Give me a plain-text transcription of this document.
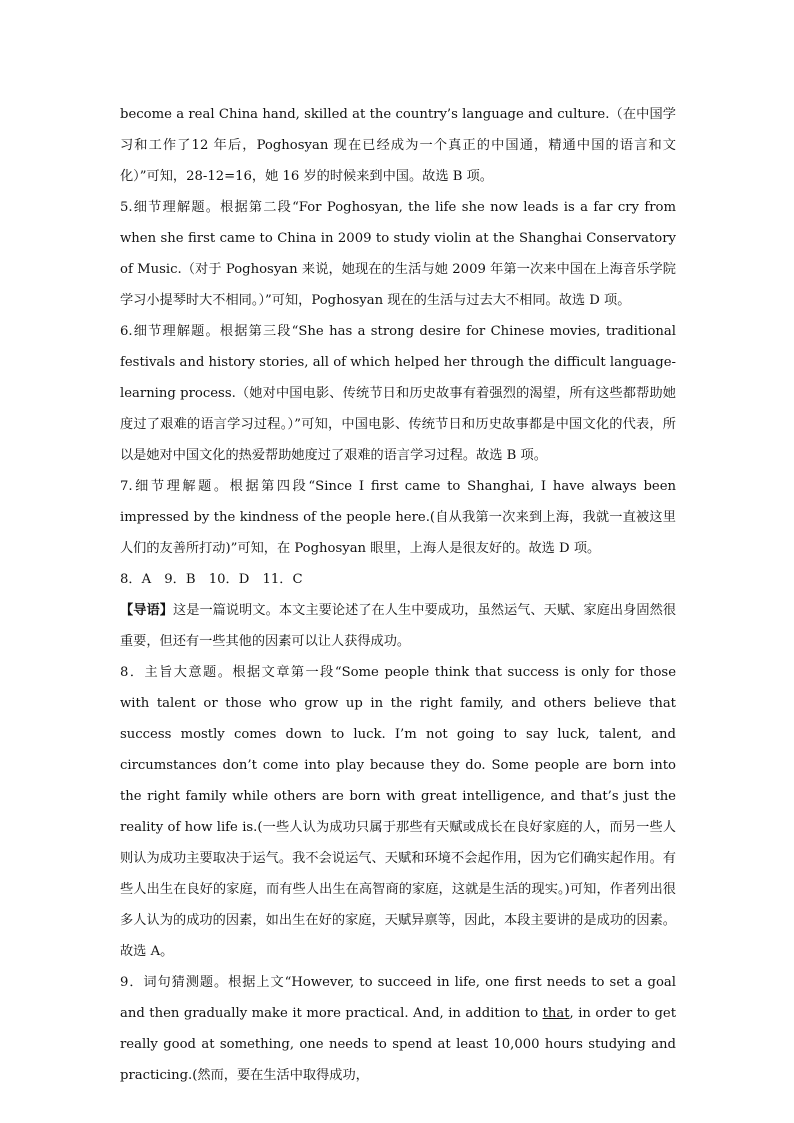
become a real China hand, skilled at the country’s language and culture.（在中国学习和工作了12 年后，Poghosyan 现在已经成为一个真正的中国通，精通中国的语言和文化）”可知，28-12=16，她 16 岁的时候来到中国。故选 B 项。

5.细节理解题。根据第二段“For Poghosyan, the life she now leads is a far cry from when she first came to China in 2009 to study violin at the Shanghai Conservatory of Music.（对于 Poghosyan 来说，她现在的生活与她 2009 年第一次来中国在上海音乐学院学习小提琴时大不相同。）”可知，Poghosyan 现在的生活与过去大不相同。故选 D 项。

6.细节理解题。根据第三段“She has a strong desire for Chinese movies, traditional festivals and history stories, all of which helped her through the difficult language-learning process.（她对中国电影、传统节日和历史故事有着强烈的渴望，所有这些都帮助她度过了艰难的语言学习过程。）”可知，中国电影、传统节日和历史故事都是中国文化的代表，所以是她对中国文化的热爱帮助她度过了艰难的语言学习过程。故选 B 项。

7.细节理解题。根据第四段“Since I first came to Shanghai, I have always been impressed by the kindness of the people here.(自从我第一次来到上海，我就一直被这里人们的友善所打动)”可知，在 Poghosyan 眼里，上海人是很友好的。故选 D 项。

8．A　9．B　10．D　11．C

【导语】这是一篇说明文。本文主要论述了在人生中要成功，虽然运气、天赋、家庭出身固然很重要，但还有一些其他的因素可以让人获得成功。

8．主旨大意题。根据文章第一段“Some people think that success is only for those with talent or those who grow up in the right family, and others believe that success mostly comes down to luck. I’m not going to say luck, talent, and circumstances don’t come into play because they do. Some people are born into the right family while others are born with great intelligence, and that’s just the reality of how life is.(一些人认为成功只属于那些有天赋或成长在良好家庭的人，而另一些人则认为成功主要取决于运气。我不会说运气、天赋和环境不会起作用，因为它们确实起作用。有些人出生在良好的家庭，而有些人出生在高智商的家庭，这就是生活的现实。)可知，作者列出很多人认为的成功的因素，如出生在好的家庭，天赋异禀等，因此，本段主要讲的是成功的因素。故选 A。

9．词句猜测题。根据上文“However, to succeed in life, one first needs to set a goal and then gradually make it more practical. And, in addition to that, in order to get really good at something, one needs to spend at least 10,000 hours studying and practicing.(然而，要在生活中取得成功，
